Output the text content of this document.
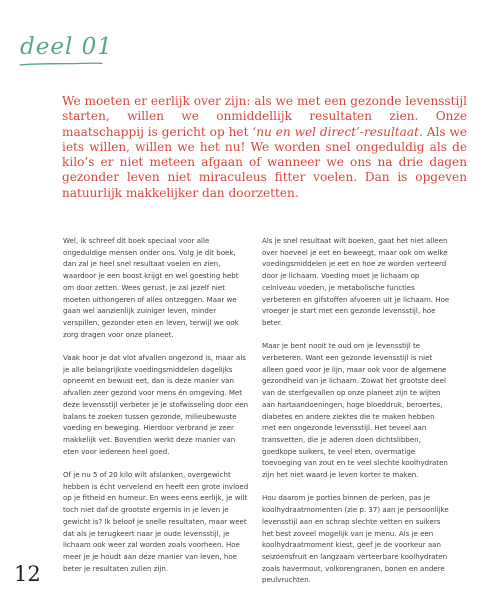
deel 01

We moeten er eerlijk over zijn: als we met een gezonde levensstijl starten, willen we onmiddellijk resultaten zien. Onze maatschappij is gericht op het ‘nu en wel direct’-resultaat. Als we iets willen, willen we het nu! We worden snel ongeduldig als de kilo’s er niet meteen afgaan of wanneer we ons na drie dagen gezonder leven niet miraculeus fitter voelen. Dan is opgeven natuurlijk makkelijker dan doorzetten.

Wel, ik schreef dit boek speciaal voor alle ongeduldige mensen onder ons. Volg je dit boek, dan zal je heel snel resultaat voelen en zien, waardoor je een boost krijgt en wel goesting hebt om door zetten. Wees gerust, je zal jezelf niet moeten uithongeren of alles ontzeggen. Maar we gaan wel aanzienlijk zuiniger leven, minder verspillen, gezonder eten en leven, terwijl we ook zorg dragen voor onze planeet.

Vaak hoor je dat vlot afvallen ongezond is, maar als je alle belangrijkste voedingsmiddelen dagelijks opneemt en bewust eet, dan is deze manier van afvallen zeer gezond voor mens én omgeving. Met deze levensstijl verbeter je je stofwisseling door een balans te zoeken tussen gezonde, milieubewuste voeding en beweging. Hierdoor verbrand je zeer makkelijk vet. Bovendien werkt deze manier van eten voor iedereen heel goed.

Of je nu 5 of 20 kilo wilt afslanken, overgewicht hebben is écht vervelend en heeft een grote invloed op je fitheid en humeur. En wees eens eerlijk, je wilt toch niet daf de grootste ergernis in je leven je gewicht is? Ik beloof je snelle resultaten, maar weet dat als je terugkeert naar je oude levensstijl, je lichaam ook weer zal worden zoals voorheen. Hoe meer je je houdt aan deze manier van leven, hoe beter je resultaten zullen zijn.

Als je snel resultaat wilt boeken, gaat het niet alleen over hoeveel je eet en beweegt, maar ook om welke voedingsmiddelen je eet en hoe ze worden verteerd door je lichaam. Voeding moet je lichaam op celniveau voeden, je metabolische functies verbeteren en gifstoffen afvoeren uit je lichaam. Hoe vroeger je start met een gezonde levensstijl, hoe beter.

Maar je bent nooit te oud om je levensstijl te verbeteren. Want een gezonde levensstijl is niet alleen goed voor je lijn, maar ook voor de algemene gezondheid van je lichaam. Zowat het grootste deel van de sterfgevallen op onze planeet zijn te wijten aan hartaandoeningen, hoge bloeddruk, beroertes, diabetes en andere ziektes die te maken hebben met een ongezonde levensstijl. Het teveel aan transvetten, die je aderen doen dichtslibben, goedkope suikers, te veel eten, overmatige toevoeging van zout en te veel slechte koolhydraten zijn het niet waard je leven korter te maken.

Hou daarom je porties binnen de perken, pas je koolhydraatmomenten (zie p. 37) aan je persoonlijke levensstijl aan en schrap slechte vetten en suikers het best zoveel mogelijk van je menu. Als je een koolhydraatmoment kiest, geef je de voorkeur aan seizoensfruit en langzaam verteerbare koolhydraten zoals havermout, volkorengranen, bonen en andere peulvruchten.

12
